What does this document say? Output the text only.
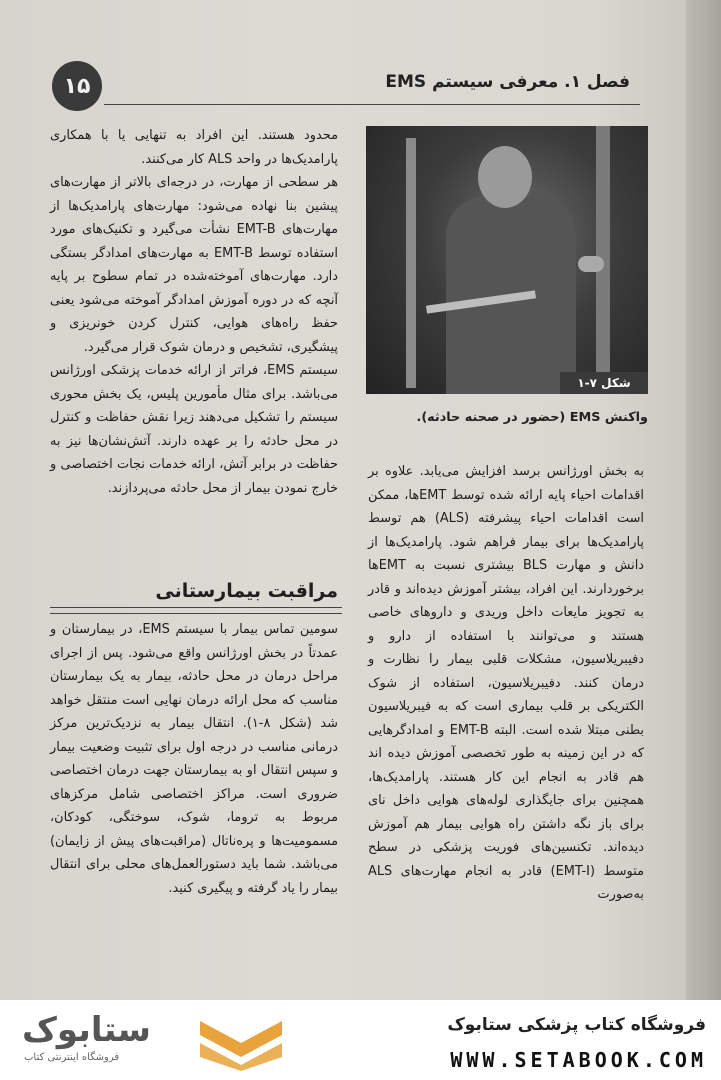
۱۵	فصل ۱. معرفی سیستم EMS

محدود هستند. این افراد به تنهایی یا با همکاری پارامدیک‌ها در واحد ALS کار می‌کنند.

هر سطحی از مهارت، در درجه‌ای بالاتر از مهارت‌های پیشین بنا نهاده می‌شود: مهارت‌های پارامدیک‌ها از مهارت‌های EMT-B نشأت می‌گیرد و تکنیک‌های مورد استفاده توسط EMT-B به مهارت‌های امدادگر بستگی دارد. مهارت‌های آموخته‌شده در تمام سطوح بر پایه آنچه که در دوره آموزش امدادگر آموخته می‌شود یعنی حفظ راه‌های هوایی، کنترل کردن خونریزی و پیشگیری، تشخیص و درمان شوک قرار می‌گیرد.

سیستم EMS، فراتر از ارائه خدمات پزشکی اورژانس می‌باشد. برای مثال مأمورین پلیس، یک بخش محوری سیستم را تشکیل می‌دهند زیرا نقش حفاظت و کنترل در محل حادثه را بر عهده دارند. آتش‌نشان‌ها نیز به حفاظت در برابر آتش، ارائه خدمات نجات اختصاصی و خارج نمودن بیمار از محل حادثه می‌پردازند.

مراقبت بیمارستانی

سومین تماس بیمار با سیستم EMS، در بیمارستان و عمدتاً در بخش اورژانس واقع می‌شود. پس از اجرای مراحل درمان در محل حادثه، بیمار به یک بیمارستان مناسب که محل ارائه درمان نهایی است منتقل خواهد شد (شکل ۸-۱). انتقال بیمار به نزدیک‌ترین مرکز درمانی مناسب در درجه اول برای تثبیت وضعیت بیمار و سپس انتقال او به بیمارستان جهت درمان اختصاصی ضروری است. مراکز اختصاصی شامل مرکزهای مربوط به تروما، شوک، سوختگی، کودکان، مسمومیت‌ها و پره‌ناتال (مراقبت‌های پیش از زایمان) می‌باشد. شما باید دستورالعمل‌های محلی برای انتقال بیمار را یاد گرفته و پیگیری کنید.

شکل ۷-۱
واکنش EMS (حضور در صحنه حادثه).

به بخش اورژانس برسد افزایش می‌یابد. علاوه بر اقدامات احیاء پایه ارائه شده توسط EMTها، ممکن است اقدامات احیاء پیشرفته (ALS) هم توسط پارامدیک‌ها برای بیمار فراهم شود. پارامدیک‌ها از دانش و مهارت BLS بیشتری نسبت به EMTها برخوردارند. این افراد، بیشتر آموزش دیده‌اند و قادر به تجویز مایعات داخل وریدی و داروهای خاصی هستند و می‌توانند با استفاده از دارو و دفیبریلاسیون، مشکلات قلبی بیمار را نظارت و درمان کنند. دفیبریلاسیون، استفاده از شوک الکتریکی بر قلب بیماری است که به فیبریلاسیون بطنی مبتلا شده است. البته EMT-B و امدادگرهایی که در این زمینه به طور تخصصی آموزش دیده اند هم قادر به انجام این کار هستند. پارامدیک‌ها، همچنین برای جایگذاری لوله‌های هوایی داخل نای برای باز نگه داشتن راه هوایی بیمار هم آموزش دیده‌اند. تکنسین‌های فوریت پزشکی در سطح متوسط (EMT-I) قادر به انجام مهارت‌های ALS به‌صورت

فروشگاه کتاب پزشکی ستابوک
WWW.SETABOOK.COM
ستابوک
فروشگاه اینترنتی کتاب
